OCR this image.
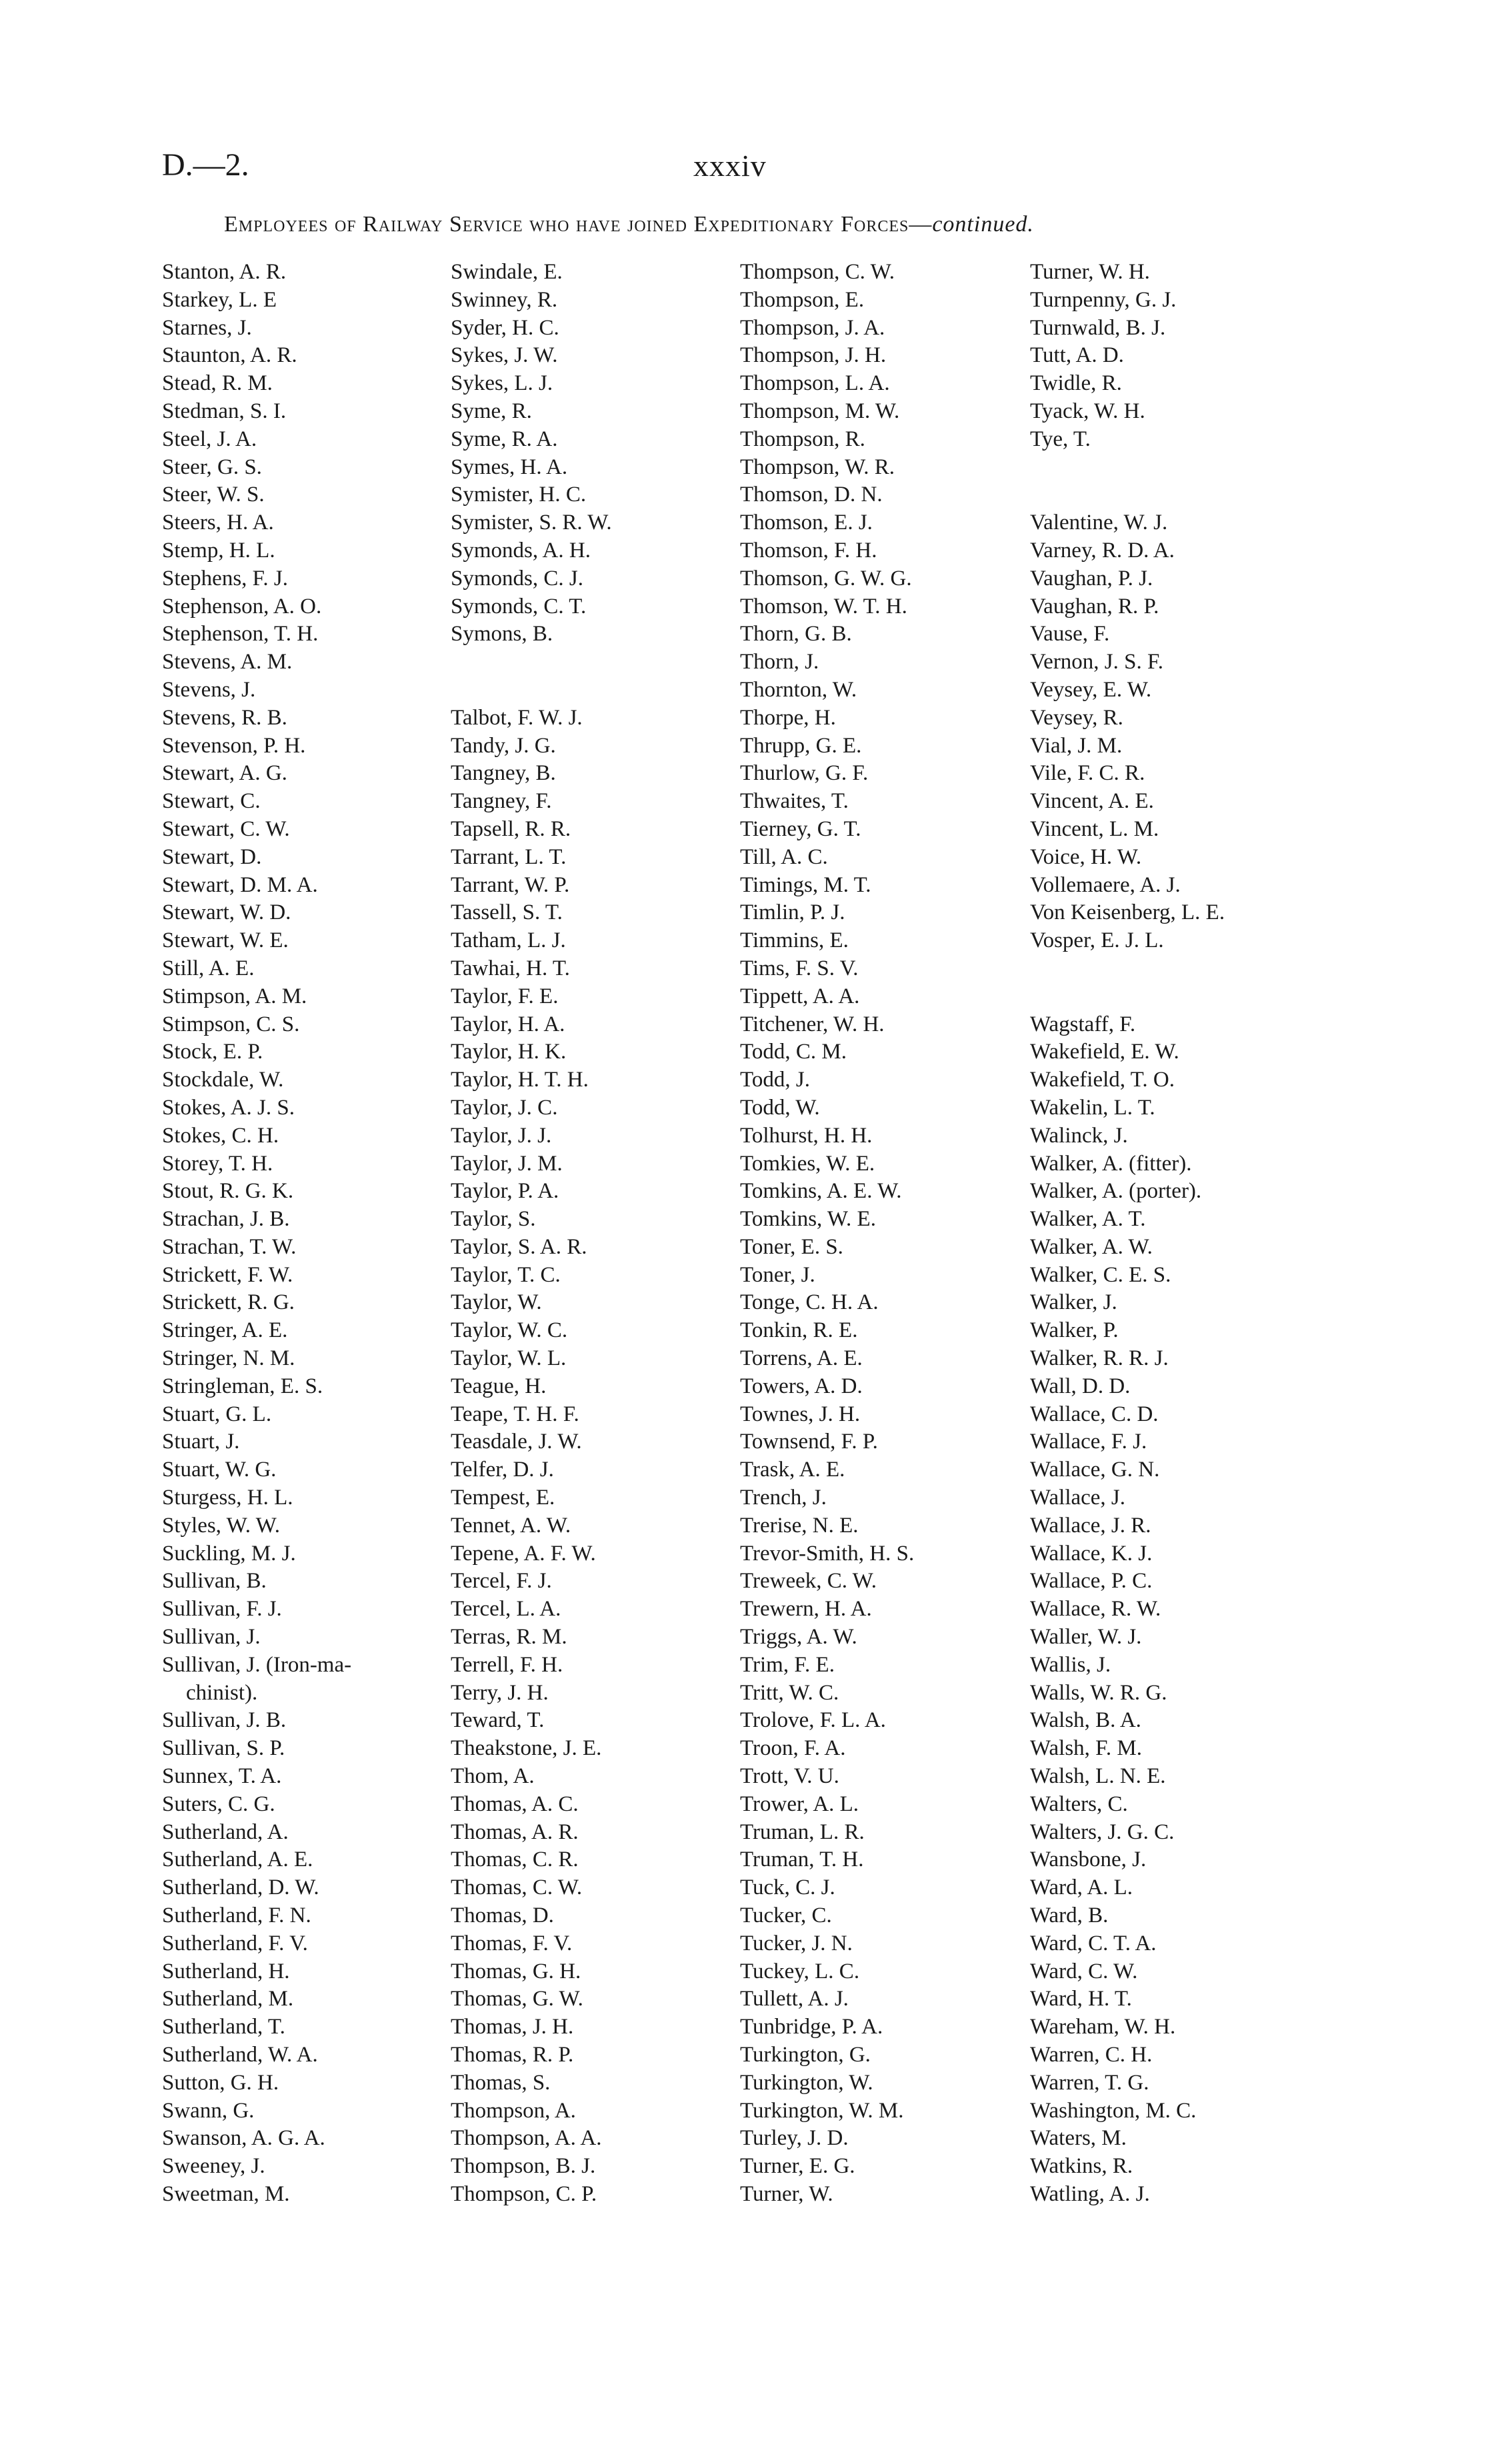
D.—2.	xxxiv
Employees of Railway Service who have joined Expeditionary Forces—continued.
Stanton, A. R.
Starkey, L. E
Starnes, J.
Staunton, A. R.
Stead, R. M.
Stedman, S. I.
Steel, J. A.
Steer, G. S.
Steer, W. S.
Steers, H. A.
Stemp, H. L.
Stephens, F. J.
Stephenson, A. O.
Stephenson, T. H.
Stevens, A. M.
Stevens, J.
Stevens, R. B.
Stevenson, P. H.
Stewart, A. G.
Stewart, C.
Stewart, C. W.
Stewart, D.
Stewart, D. M. A.
Stewart, W. D.
Stewart, W. E.
Still, A. E.
Stimpson, A. M.
Stimpson, C. S.
Stock, E. P.
Stockdale, W.
Stokes, A. J. S.
Stokes, C. H.
Storey, T. H.
Stout, R. G. K.
Strachan, J. B.
Strachan, T. W.
Strickett, F. W.
Strickett, R. G.
Stringer, A. E.
Stringer, N. M.
Stringleman, E. S.
Stuart, G. L.
Stuart, J.
Stuart, W. G.
Sturgess, H. L.
Styles, W. W.
Suckling, M. J.
Sullivan, B.
Sullivan, F. J.
Sullivan, J.
Sullivan, J. (Iron-ma-
chinist).
Sullivan, J. B.
Sullivan, S. P.
Sunnex, T. A.
Suters, C. G.
Sutherland, A.
Sutherland, A. E.
Sutherland, D. W.
Sutherland, F. N.
Sutherland, F. V.
Sutherland, H.
Sutherland, M.
Sutherland, T.
Sutherland, W. A.
Sutton, G. H.
Swann, G.
Swanson, A. G. A.
Sweeney, J.
Sweetman, M.
Swindale, E.
Swinney, R.
Syder, H. C.
Sykes, J. W.
Sykes, L. J.
Syme, R.
Syme, R. A.
Symes, H. A.
Symister, H. C.
Symister, S. R. W.
Symonds, A. H.
Symonds, C. J.
Symonds, C. T.
Symons, B.
Talbot, F. W. J.
Tandy, J. G.
Tangney, B.
Tangney, F.
Tapsell, R. R.
Tarrant, L. T.
Tarrant, W. P.
Tassell, S. T.
Tatham, L. J.
Tawhai, H. T.
Taylor, F. E.
Taylor, H. A.
Taylor, H. K.
Taylor, H. T. H.
Taylor, J. C.
Taylor, J. J.
Taylor, J. M.
Taylor, P. A.
Taylor, S.
Taylor, S. A. R.
Taylor, T. C.
Taylor, W.
Taylor, W. C.
Taylor, W. L.
Teague, H.
Teape, T. H. F.
Teasdale, J. W.
Telfer, D. J.
Tempest, E.
Tennet, A. W.
Tepene, A. F. W.
Tercel, F. J.
Tercel, L. A.
Terras, R. M.
Terrell, F. H.
Terry, J. H.
Teward, T.
Theakstone, J. E.
Thom, A.
Thomas, A. C.
Thomas, A. R.
Thomas, C. R.
Thomas, C. W.
Thomas, D.
Thomas, F. V.
Thomas, G. H.
Thomas, G. W.
Thomas, J. H.
Thomas, R. P.
Thomas, S.
Thompson, A.
Thompson, A. A.
Thompson, B. J.
Thompson, C. P.
Thompson, C. W.
Thompson, E.
Thompson, J. A.
Thompson, J. H.
Thompson, L. A.
Thompson, M. W.
Thompson, R.
Thompson, W. R.
Thomson, D. N.
Thomson, E. J.
Thomson, F. H.
Thomson, G. W. G.
Thomson, W. T. H.
Thorn, G. B.
Thorn, J.
Thornton, W.
Thorpe, H.
Thrupp, G. E.
Thurlow, G. F.
Thwaites, T.
Tierney, G. T.
Till, A. C.
Timings, M. T.
Timlin, P. J.
Timmins, E.
Tims, F. S. V.
Tippett, A. A.
Titchener, W. H.
Todd, C. M.
Todd, J.
Todd, W.
Tolhurst, H. H.
Tomkies, W. E.
Tomkins, A. E. W.
Tomkins, W. E.
Toner, E. S.
Toner, J.
Tonge, C. H. A.
Tonkin, R. E.
Torrens, A. E.
Towers, A. D.
Townes, J. H.
Townsend, F. P.
Trask, A. E.
Trench, J.
Trerise, N. E.
Trevor-Smith, H. S.
Treweek, C. W.
Trewern, H. A.
Triggs, A. W.
Trim, F. E.
Tritt, W. C.
Trolove, F. L. A.
Troon, F. A.
Trott, V. U.
Trower, A. L.
Truman, L. R.
Truman, T. H.
Tuck, C. J.
Tucker, C.
Tucker, J. N.
Tuckey, L. C.
Tullett, A. J.
Tunbridge, P. A.
Turkington, G.
Turkington, W.
Turkington, W. M.
Turley, J. D.
Turner, E. G.
Turner, W.
Turner, W. H.
Turnpenny, G. J.
Turnwald, B. J.
Tutt, A. D.
Twidle, R.
Tyack, W. H.
Tye, T.
Valentine, W. J.
Varney, R. D. A.
Vaughan, P. J.
Vaughan, R. P.
Vause, F.
Vernon, J. S. F.
Veysey, E. W.
Veysey, R.
Vial, J. M.
Vile, F. C. R.
Vincent, A. E.
Vincent, L. M.
Voice, H. W.
Vollemaere, A. J.
Von Keisenberg, L. E.
Vosper, E. J. L.
Wagstaff, F.
Wakefield, E. W.
Wakefield, T. O.
Wakelin, L. T.
Walinck, J.
Walker, A. (fitter).
Walker, A. (porter).
Walker, A. T.
Walker, A. W.
Walker, C. E. S.
Walker, J.
Walker, P.
Walker, R. R. J.
Wall, D. D.
Wallace, C. D.
Wallace, F. J.
Wallace, G. N.
Wallace, J.
Wallace, J. R.
Wallace, K. J.
Wallace, P. C.
Wallace, R. W.
Waller, W. J.
Wallis, J.
Walls, W. R. G.
Walsh, B. A.
Walsh, F. M.
Walsh, L. N. E.
Walters, C.
Walters, J. G. C.
Wansbone, J.
Ward, A. L.
Ward, B.
Ward, C. T. A.
Ward, C. W.
Ward, H. T.
Wareham, W. H.
Warren, C. H.
Warren, T. G.
Washington, M. C.
Waters, M.
Watkins, R.
Watling, A. J.
